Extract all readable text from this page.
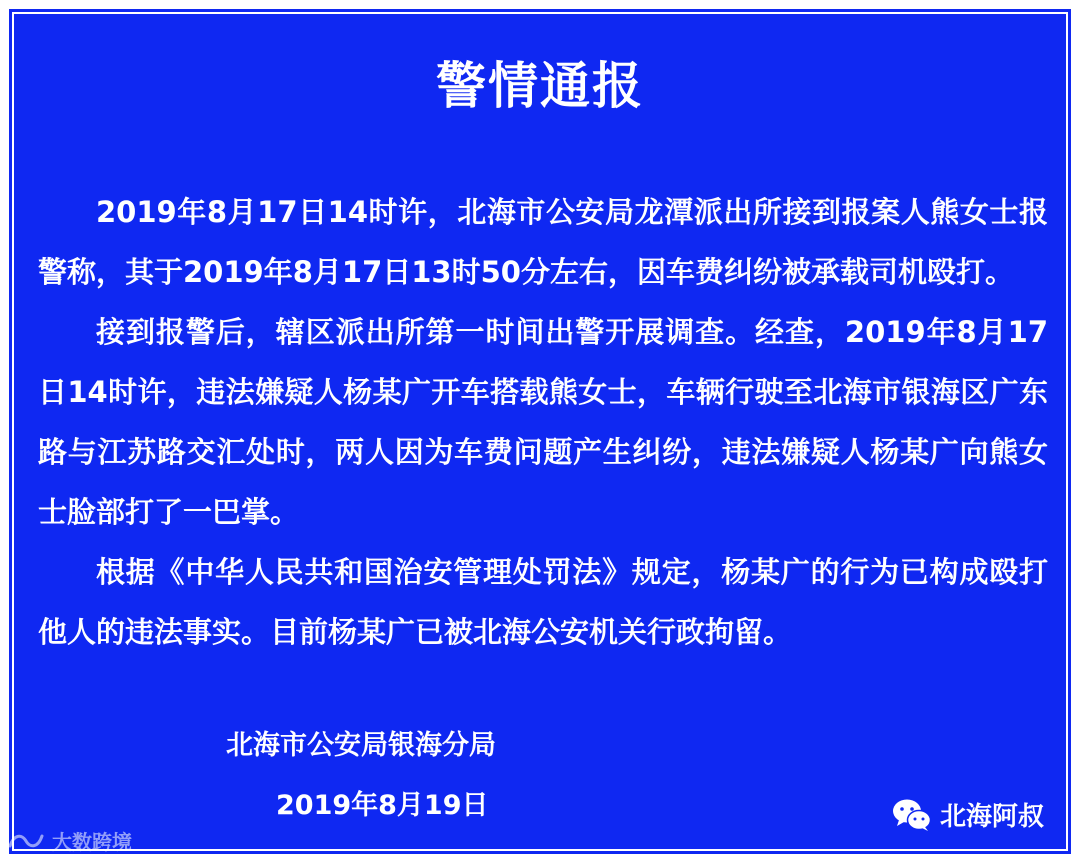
警情通报

2019年8月17日14时许，北海市公安局龙潭派出所接到报案人熊女士报警称，其于2019年8月17日13时50分左右，因车费纠纷被承载司机殴打。

接到报警后，辖区派出所第一时间出警开展调查。经查，2019年8月17日14时许，违法嫌疑人杨某广开车搭载熊女士，车辆行驶至北海市银海区广东路与江苏路交汇处时，两人因为车费问题产生纠纷，违法嫌疑人杨某广向熊女士脸部打了一巴掌。

根据《中华人民共和国治安管理处罚法》规定，杨某广的行为已构成殴打他人的违法事实。目前杨某广已被北海公安机关行政拘留。

北海市公安局银海分局
2019年8月19日	北海阿叔
大数跨境
